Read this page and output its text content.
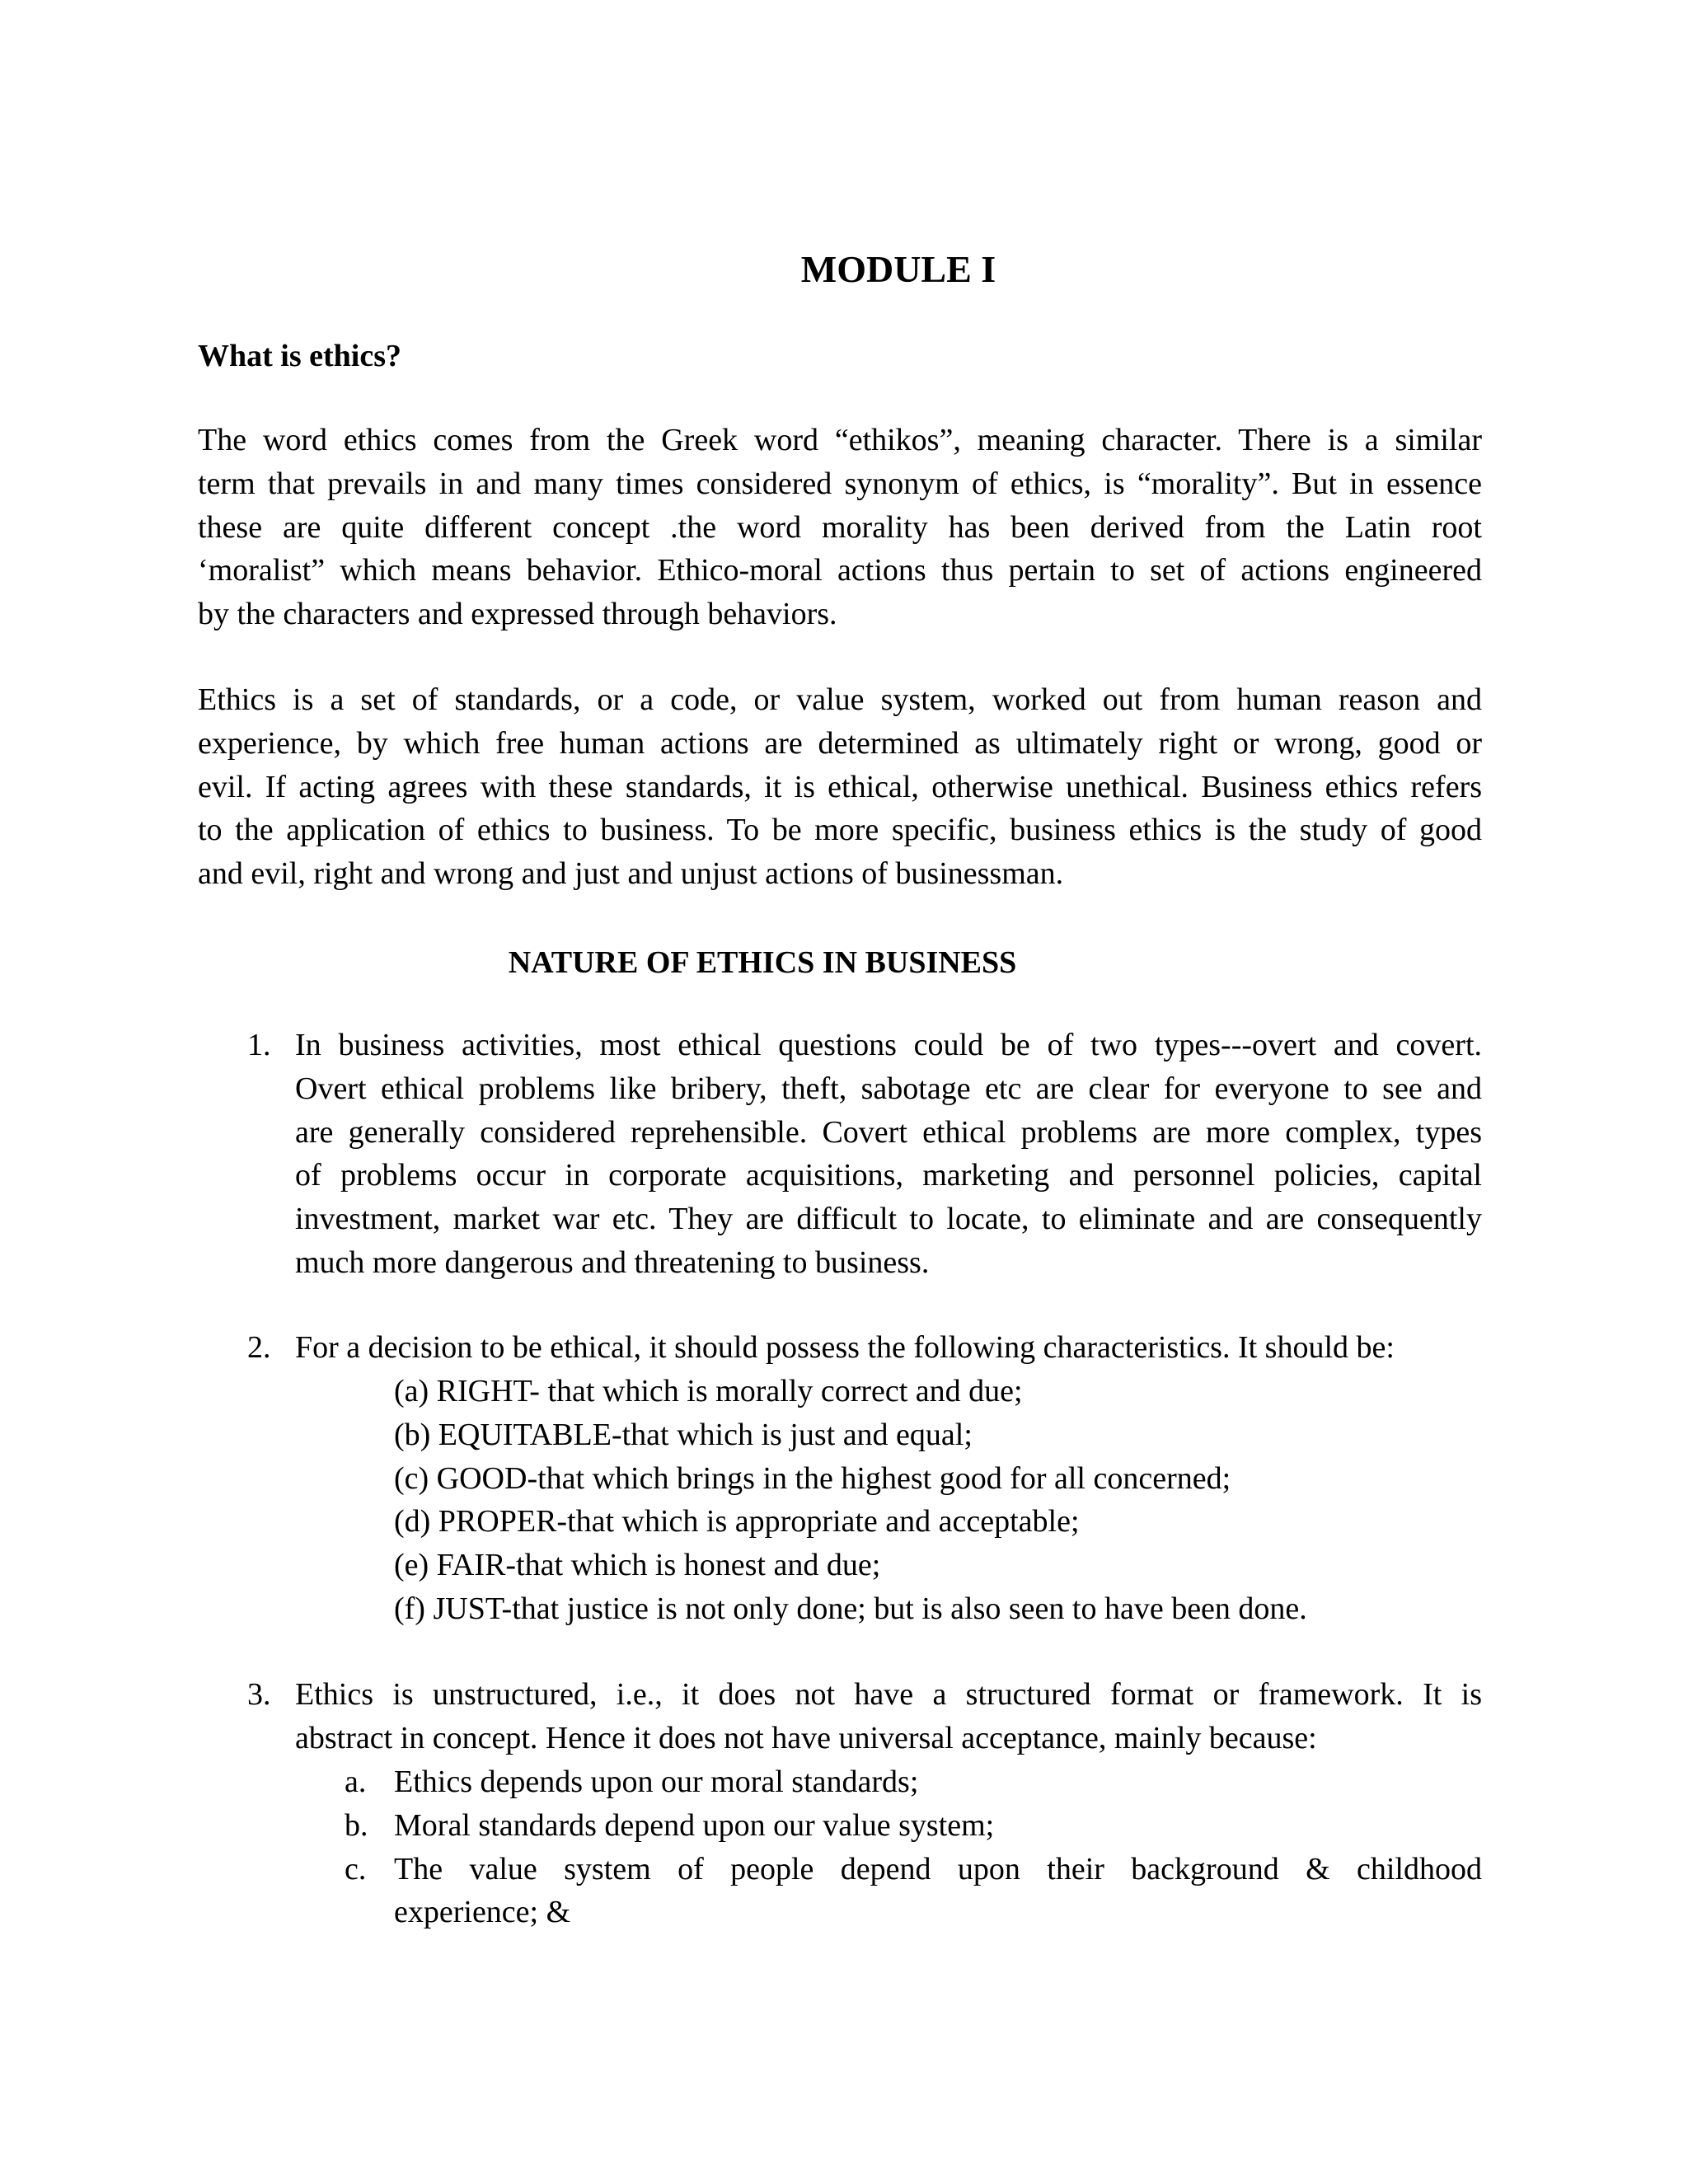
MODULE I
What is ethics?

The word ethics comes from the Greek word “ethikos”, meaning character. There is a similar
term that prevails in and many times considered synonym of ethics, is “morality”. But in essence
these are quite different concept .the word morality has been derived from the Latin root
‘moralist” which means behavior. Ethico-moral actions thus pertain to set of actions engineered
by the characters and expressed through behaviors.

Ethics is a set of standards, or a code, or value system, worked out from human reason and
experience, by which free human actions are determined as ultimately right or wrong, good or
evil. If acting agrees with these standards, it is ethical, otherwise unethical. Business ethics refers
to the application of ethics to business. To be more specific, business ethics is the study of good
and evil, right and wrong and just and unjust actions of businessman.

NATURE OF ETHICS IN BUSINESS
1. In business activities, most ethical questions could be of two types---overt and covert.
Overt ethical problems like bribery, theft, sabotage etc are clear for everyone to see and
are generally considered reprehensible. Covert ethical problems are more complex, types
of problems occur in corporate acquisitions, marketing and personnel policies, capital
investment, market war etc. They are difficult to locate, to eliminate and are consequently
much more dangerous and threatening to business.
2. For a decision to be ethical, it should possess the following characteristics. It should be:
(a) RIGHT- that which is morally correct and due;
(b) EQUITABLE-that which is just and equal;
(c) GOOD-that which brings in the highest good for all concerned;
(d) PROPER-that which is appropriate and acceptable;
(e) FAIR-that which is honest and due;
(f) JUST-that justice is not only done; but is also seen to have been done.
3. Ethics is unstructured, i.e., it does not have a structured format or framework. It is
abstract in concept. Hence it does not have universal acceptance, mainly because:
a. Ethics depends upon our moral standards;
b. Moral standards depend upon our value system;
c. The value system of people depend upon their background & childhood
experience; &
